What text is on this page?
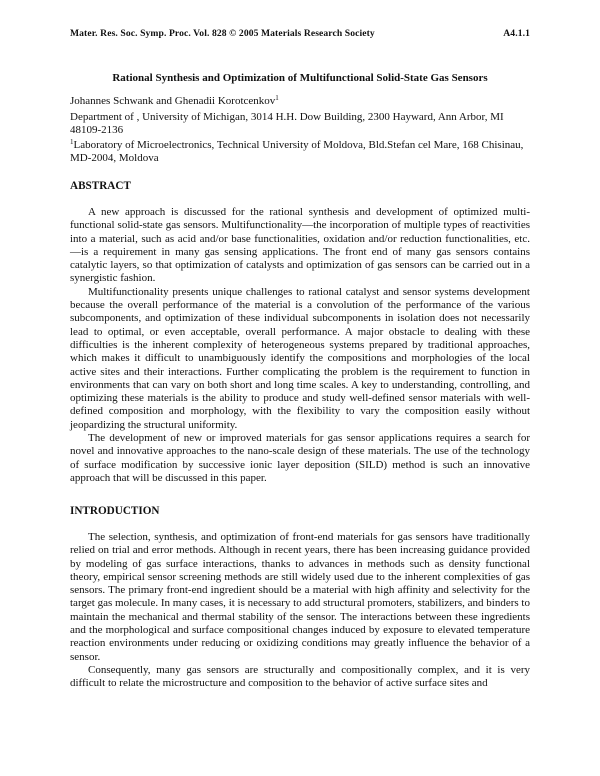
Mater. Res. Soc. Symp. Proc. Vol. 828 © 2005 Materials Research Society	A4.1.1
Rational Synthesis and Optimization of Multifunctional Solid-State Gas Sensors
Johannes Schwank and Ghenadii Korotcenkov$^1$
Department of , University of Michigan, 3014 H.H. Dow Building, 2300 Hayward, Ann Arbor, MI 48109-2136
$^1$Laboratory of Microelectronics, Technical University of Moldova, Bld.Stefan cel Mare, 168 Chisinau, MD-2004, Moldova
ABSTRACT

A new approach is discussed for the rational synthesis and development of optimized multi-functional solid-state gas sensors. Multifunctionality—the incorporation of multiple types of reactivities into a material, such as acid and/or base functionalities, oxidation and/or reduction functionalities, etc.—is a requirement in many gas sensing applications. The front end of many gas sensors contains catalytic layers, so that optimization of catalysts and optimization of gas sensors can be carried out in a synergistic fashion.

Multifunctionality presents unique challenges to rational catalyst and sensor systems development because the overall performance of the material is a convolution of the performance of the various subcomponents, and optimization of these individual subcomponents in isolation does not necessarily lead to optimal, or even acceptable, overall performance. A major obstacle to dealing with these difficulties is the inherent complexity of heterogeneous systems prepared by traditional approaches, which makes it difficult to unambiguously identify the compositions and morphologies of the local active sites and their interactions. Further complicating the problem is the requirement to function in environments that can vary on both short and long time scales. A key to understanding, controlling, and optimizing these materials is the ability to produce and study well-defined sensor materials with well-defined composition and morphology, with the flexibility to vary the composition easily without jeopardizing the structural uniformity.

The development of new or improved materials for gas sensor applications requires a search for novel and innovative approaches to the nano-scale design of these materials. The use of the technology of surface modification by successive ionic layer deposition (SILD) method is such an innovative approach that will be discussed in this paper.

INTRODUCTION

The selection, synthesis, and optimization of front-end materials for gas sensors have traditionally relied on trial and error methods. Although in recent years, there has been increasing guidance provided by modeling of gas surface interactions, thanks to advances in methods such as density functional theory, empirical sensor screening methods are still widely used due to the inherent complexities of gas sensors. The primary front-end ingredient should be a material with high affinity and selectivity for the target gas molecule. In many cases, it is necessary to add structural promoters, stabilizers, and binders to maintain the mechanical and thermal stability of the sensor. The interactions between these ingredients and the morphological and surface compositional changes induced by exposure to elevated temperature reaction environments under reducing or oxidizing conditions may greatly influence the behavior of a sensor.

Consequently, many gas sensors are structurally and compositionally complex, and it is very difficult to relate the microstructure and composition to the behavior of active surface sites and
